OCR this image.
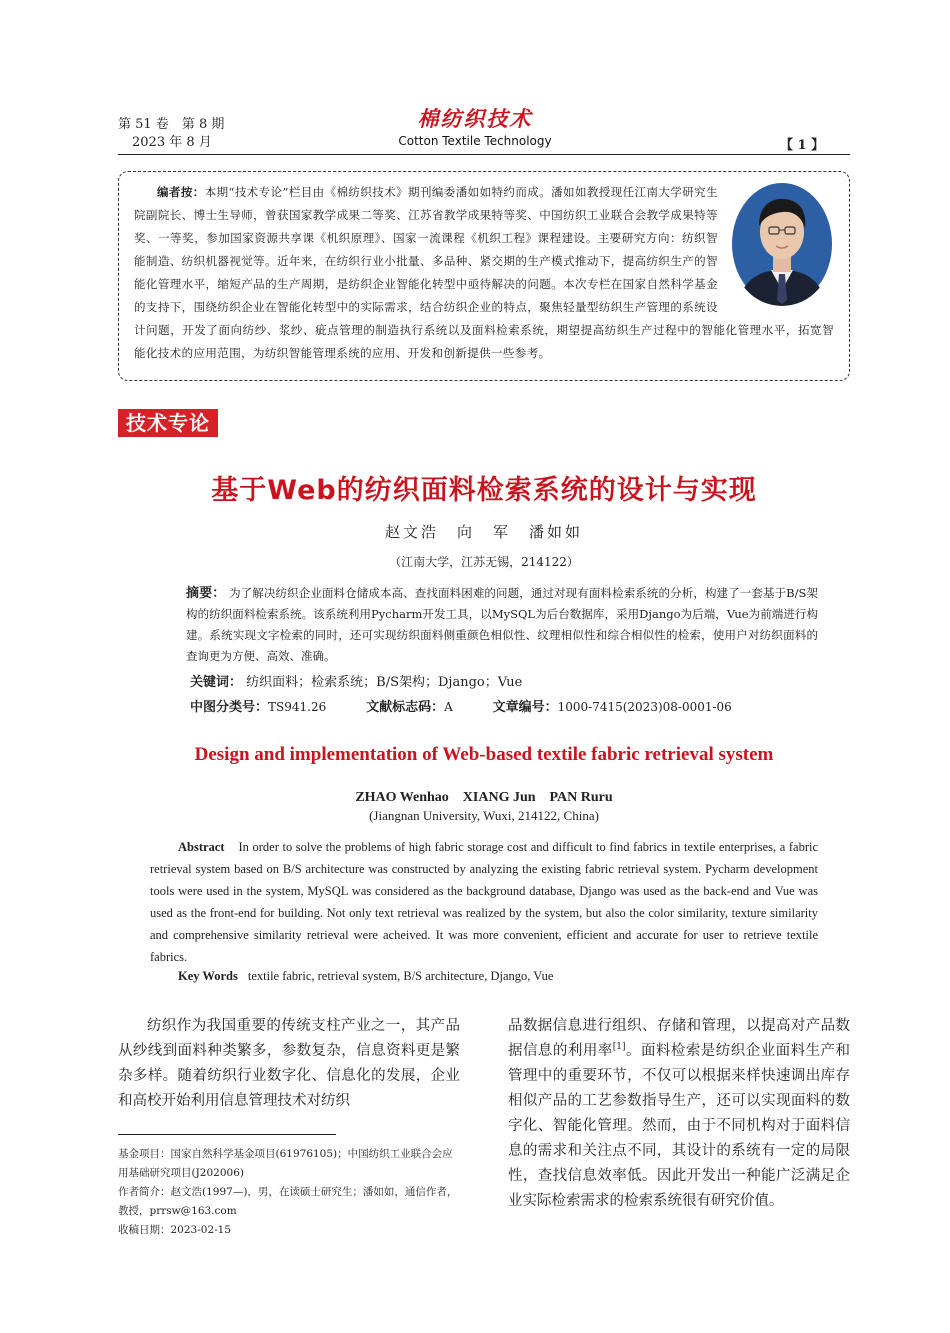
第 51 卷　第 8 期
2023 年 8 月
棉纺织技术
Cotton Textile Technology	【 1 】
编者按：本期“技术专论”栏目由《棉纺织技术》期刊编委潘如如特约而成。潘如如教授现任江南大学研究生院副院长、博士生导师，曾获国家教学成果二等奖、江苏省教学成果特等奖、中国纺织工业联合会教学成果特等奖、一等奖，参加国家资源共享课《机织原理》、国家一流课程《机织工程》课程建设。主要研究方向：纺织智能制造、纺织机器视觉等。近年来，在纺织行业小批量、多品种、紧交期的生产模式推动下，提高纺织生产的智能化管理水平，缩短产品的生产周期，是纺织企业智能化转型中亟待解决的问题。本次专栏在国家自然科学基金的支持下，围绕纺织企业在智能化转型中的实际需求，结合纺织企业的特点，聚焦轻量型纺织生产管理的系统设计问题，开发了面向纺纱、浆纱、疵点管理的制造执行系统以及面料检索系统，期望提高纺织生产过程中的智能化管理水平，拓宽智能化技术的应用范围，为纺织智能管理系统的应用、开发和创新提供一些参考。
技术专论
基于Web的纺织面料检索系统的设计与实现
赵文浩　向　军　潘如如
（江南大学，江苏无锡，214122）
摘要： 为了解决纺织企业面料仓储成本高、查找面料困难的问题，通过对现有面料检索系统的分析，构建了一套基于B/S架构的纺织面料检索系统。该系统利用Pycharm开发工具，以MySQL为后台数据库，采用Django为后端，Vue为前端进行构建。系统实现文字检索的同时，还可实现纺织面料侧重颜色相似性、纹理相似性和综合相似性的检索，使用户对纺织面料的查询更为方便、高效、准确。
关键词： 纺织面料；检索系统；B/S架构；Django；Vue
中图分类号：TS941.26	文献标志码：A	文章编号：1000-7415(2023)08-0001-06
Design and implementation of Web-based textile fabric retrieval system
ZHAO Wenhao　XIANG Jun　PAN Ruru
(Jiangnan University, Wuxi, 214122, China)
Abstract In order to solve the problems of high fabric storage cost and difficult to find fabrics in textile enterprises, a fabric retrieval system based on B/S architecture was constructed by analyzing the existing fabric retrieval system. Pycharm development tools were used in the system, MySQL was considered as the background database, Django was used as the back-end and Vue was used as the front-end for building. Not only text retrieval was realized by the system, but also the color similarity, texture similarity and comprehensive similarity retrieval were acheived. It was more convenient, efficient and accurate for user to retrieve textile fabrics.
Key Words textile fabric, retrieval system, B/S architecture, Django, Vue
纺织作为我国重要的传统支柱产业之一，其产品从纱线到面料种类繁多，参数复杂，信息资料更是繁杂多样。随着纺织行业数字化、信息化的发展，企业和高校开始利用信息管理技术对纺织
品数据信息进行组织、存储和管理，以提高对产品数据信息的利用率[1]。面料检索是纺织企业面料生产和管理中的重要环节，不仅可以根据来样快速调出库存相似产品的工艺参数指导生产，还可以实现面料的数字化、智能化管理。然而，由于不同机构对于面料信息的需求和关注点不同，其设计的系统有一定的局限性，查找信息效率低。因此开发出一种能广泛满足企业实际检索需求的检索系统很有研究价值。
基金项目：国家自然科学基金项目(61976105)；中国纺织工业联合会应用基础研究项目(J202006)
作者简介：赵文浩(1997—)，男，在读硕士研究生；潘如如，通信作者，教授，prrsw@163.com
收稿日期：2023-02-15
